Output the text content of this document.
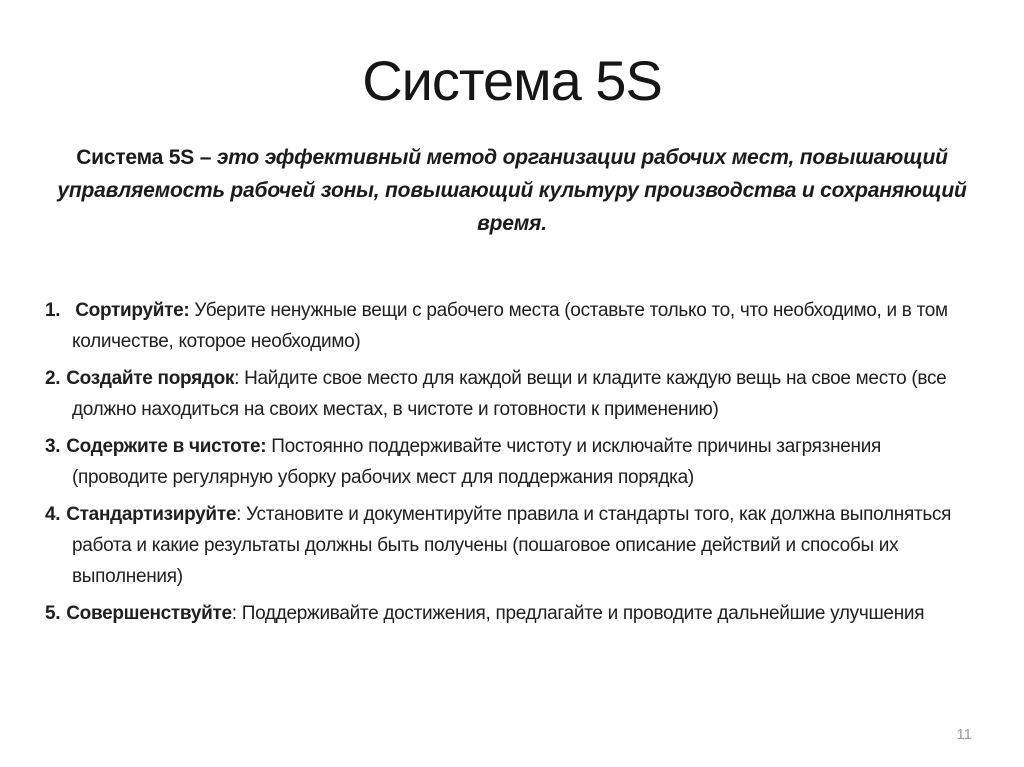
Система 5S

Система 5S – это эффективный метод организации рабочих мест, повышающий
управляемость рабочей зоны, повышающий культуру производства и сохраняющий
время.

1. Сортируйте: Уберите ненужные вещи с рабочего места (оставьте только то, что необходимо, и в том количестве, которое необходимо)

2. Создайте порядок: Найдите свое место для каждой вещи и кладите каждую вещь на свое место (все должно находиться на своих местах, в чистоте и готовности к применению)

3. Содержите в чистоте: Постоянно поддерживайте чистоту и исключайте причины загрязнения (проводите регулярную уборку рабочих мест для поддержания порядка)

4. Стандартизируйте: Установите и документируйте правила и стандарты того, как должна выполняться работа и какие результаты должны быть получены (пошаговое описание действий и способы их выполнения)

5. Совершенствуйте: Поддерживайте достижения, предлагайте и проводите дальнейшие улучшения

11
